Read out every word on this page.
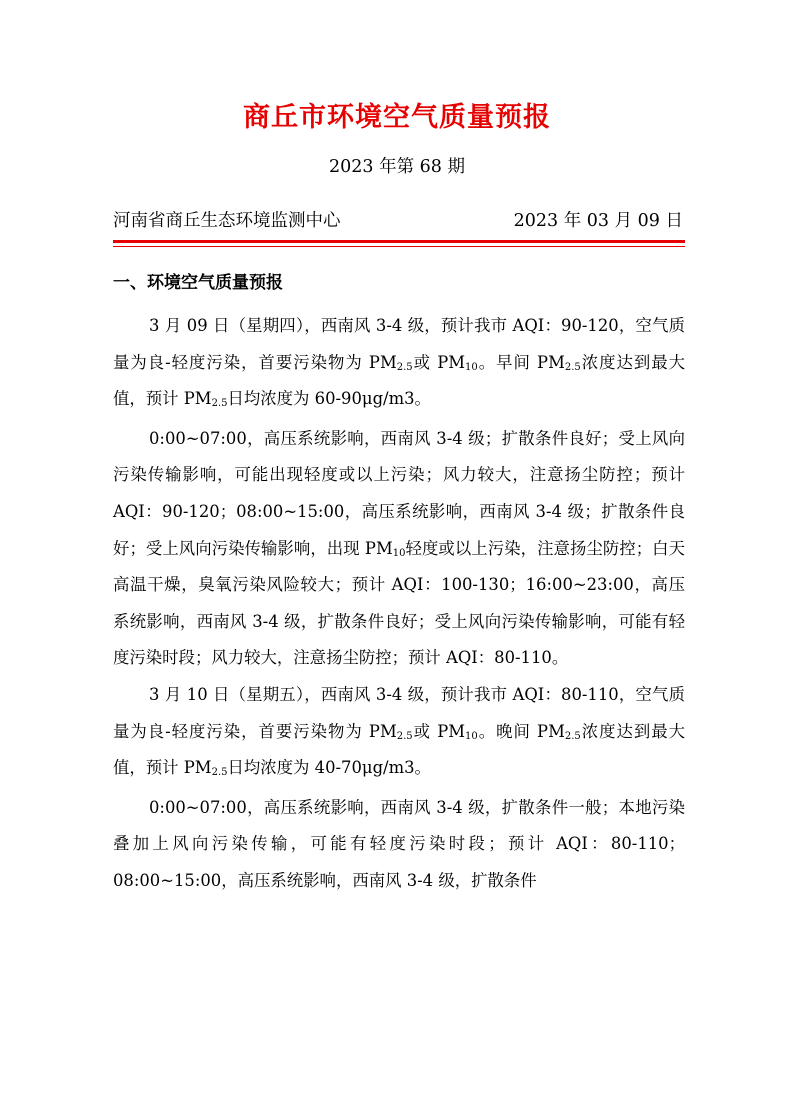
商丘市环境空气质量预报
2023 年第 68 期
河南省商丘生态环境监测中心	2023 年 03 月 09 日
一、环境空气质量预报

3 月 09 日（星期四），西南风 3-4 级，预计我市 AQI：90-120，空气质量为良-轻度污染，首要污染物为 $PM_{2.5}$或 $PM_{10}$。早间 $PM_{2.5}$浓度达到最大值，预计 $PM_{2.5}$日均浓度为 60-90μg/m3。

0:00~07:00，高压系统影响，西南风 3-4 级；扩散条件良好；受上风向污染传输影响，可能出现轻度或以上污染；风力较大，注意扬尘防控；预计 AQI：90-120；08:00~15:00，高压系统影响，西南风 3-4 级；扩散条件良好；受上风向污染传输影响，出现 $PM_{10}$轻度或以上污染，注意扬尘防控；白天高温干燥，臭氧污染风险较大；预计 AQI：100-130；16:00~23:00，高压系统影响，西南风 3-4 级，扩散条件良好；受上风向污染传输影响，可能有轻度污染时段；风力较大，注意扬尘防控；预计 AQI：80-110。

3 月 10 日（星期五），西南风 3-4 级，预计我市 AQI：80-110，空气质量为良-轻度污染，首要污染物为 $PM_{2.5}$或 $PM_{10}$。晚间 $PM_{2.5}$浓度达到最大值，预计 $PM_{2.5}$日均浓度为 40-70μg/m3。

0:00~07:00，高压系统影响，西南风 3-4 级，扩散条件一般；本地污染叠加上风向污染传输，可能有轻度污染时段；预计 AQI：80-110；08:00~15:00，高压系统影响，西南风 3-4 级，扩散条件
